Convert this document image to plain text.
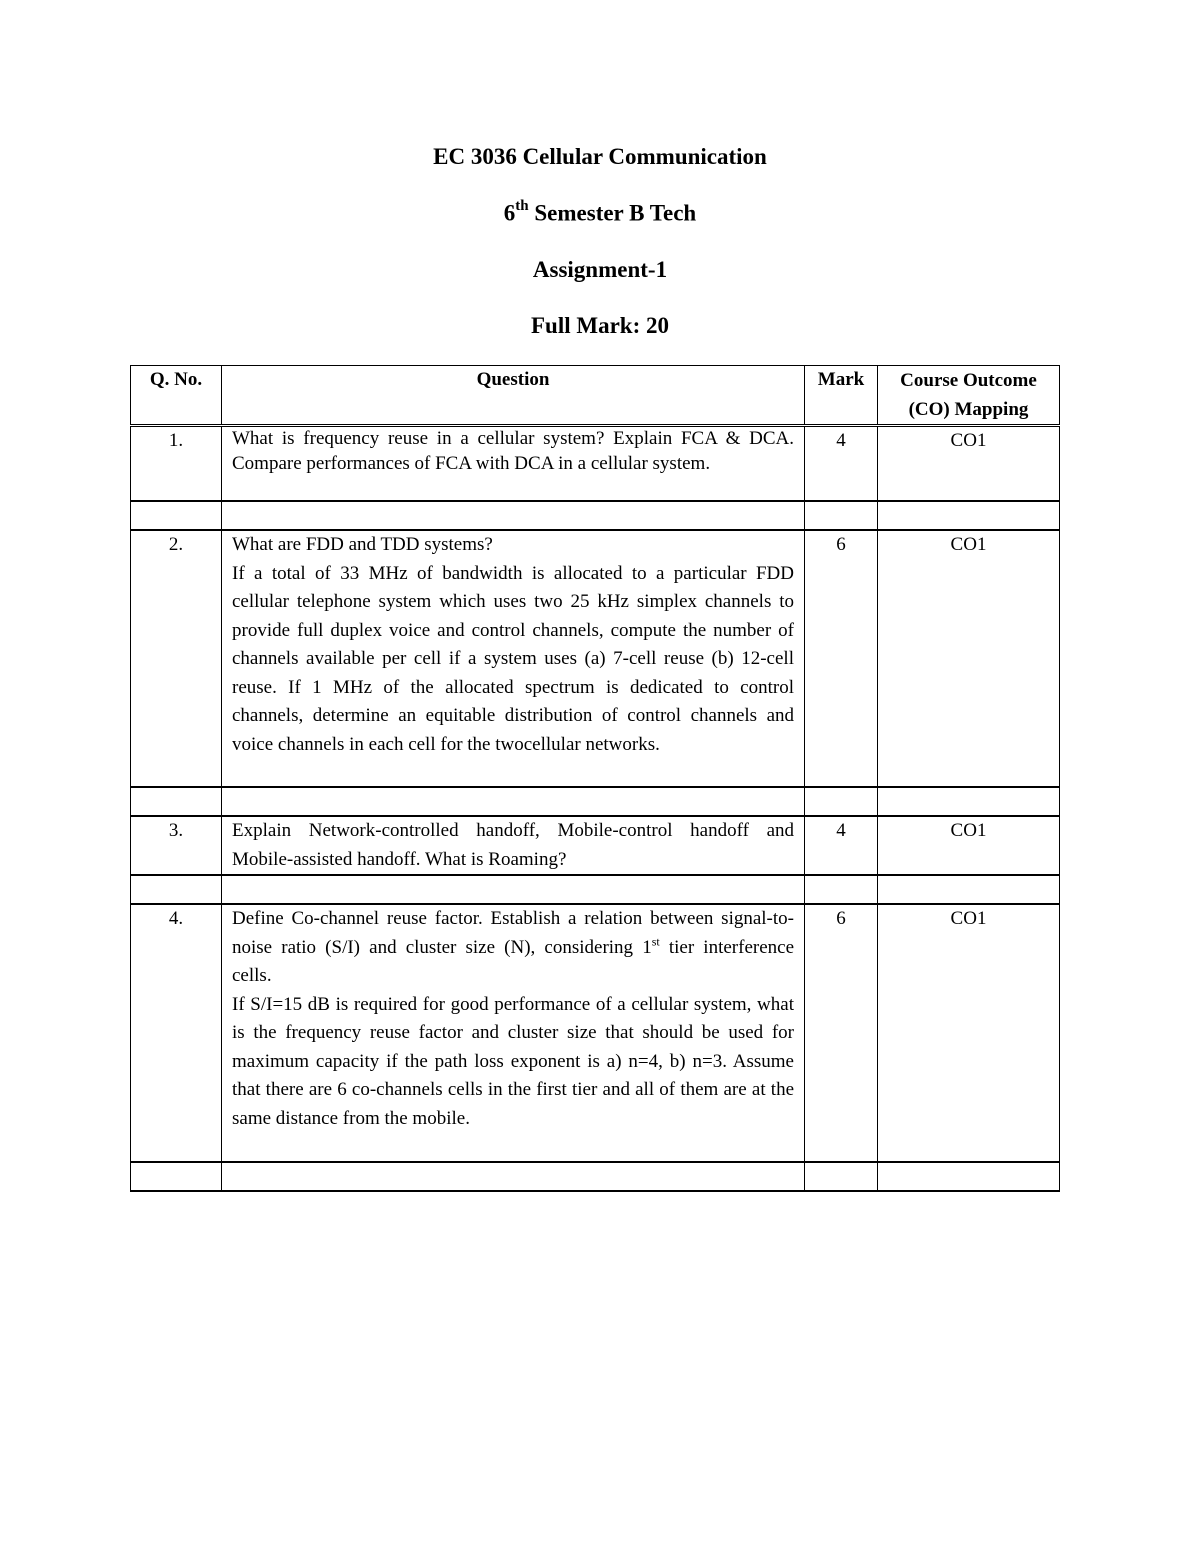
EC 3036 Cellular Communication
6th Semester B Tech
Assignment-1
Full Mark: 20
Q. No.	Question	Mark	Course Outcome
(CO) Mapping
1.	What is frequency reuse in a cellular system? Explain FCA & DCA. Compare performances of FCA with DCA in a cellular system.	4	CO1

2.	What are FDD and TDD systems?
If a total of 33 MHz of bandwidth is allocated to a particular FDD cellular telephone system which uses two 25 kHz simplex channels to provide full duplex voice and control channels, compute the number of channels available per cell if a system uses (a) 7-cell reuse (b) 12-cell reuse. If 1 MHz of the allocated spectrum is dedicated to control channels, determine an equitable distribution of control channels and voice channels in each cell for the twocellular networks.	6	CO1

3.	Explain Network-controlled handoff, Mobile-control handoff and Mobile-assisted handoff. What is Roaming?	4	CO1

4.	Define Co-channel reuse factor. Establish a relation between signal-to-noise ratio (S/I) and cluster size (N), considering 1st tier interference cells.
If S/I=15 dB is required for good performance of a cellular system, what is the frequency reuse factor and cluster size that should be used for maximum capacity if the path loss exponent is a) n=4, b) n=3. Assume that there are 6 co-channels cells in the first tier and all of them are at the same distance from the mobile.	6	CO1
